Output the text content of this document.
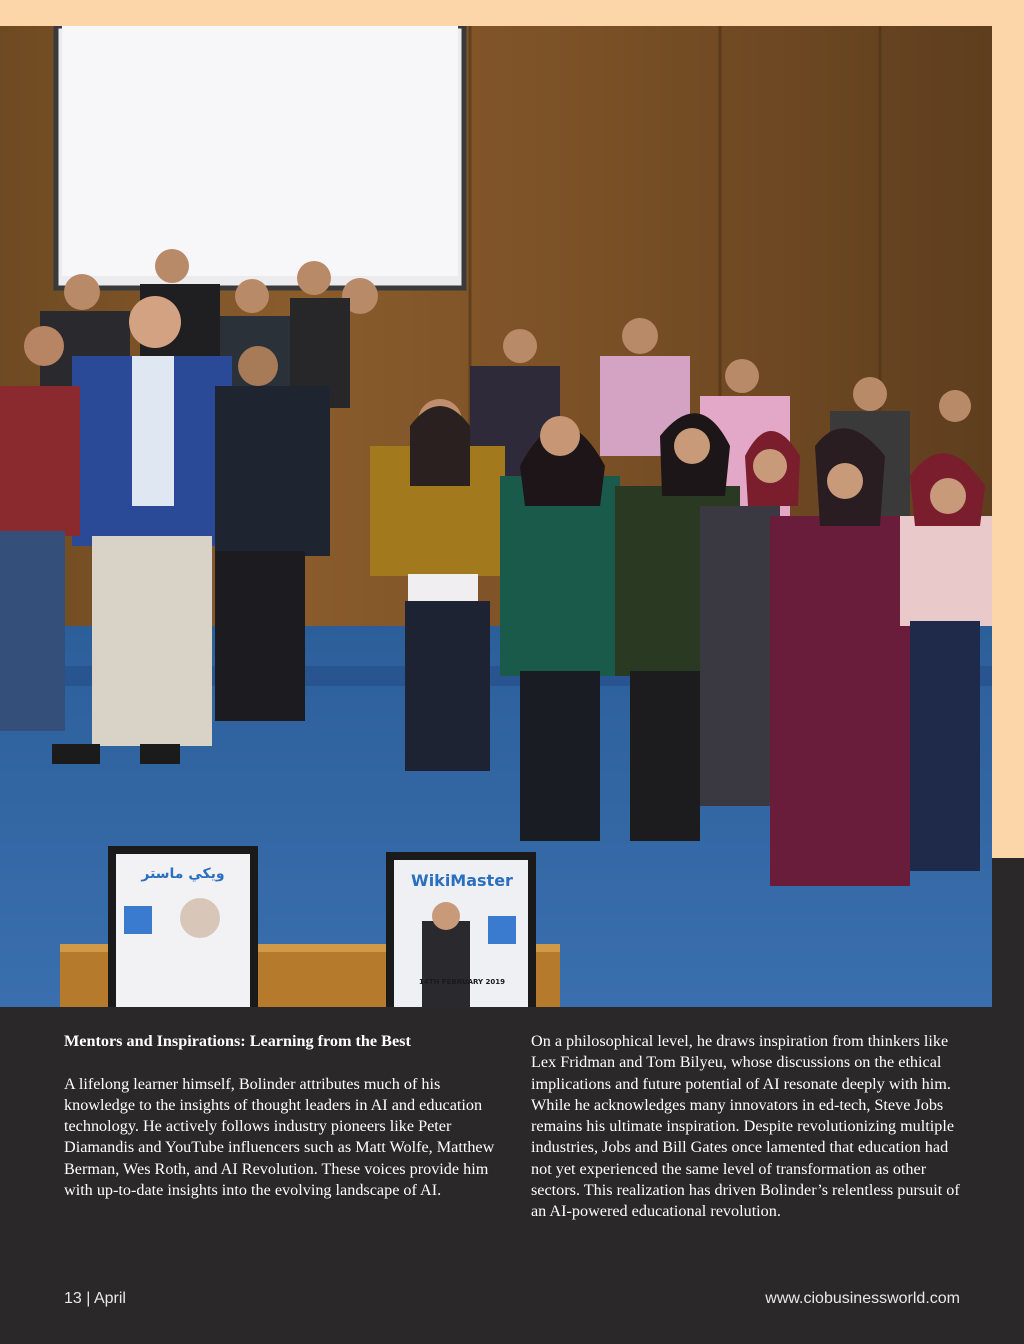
ويكي ماستر	WikiMaster
14TH FEBRUARY 2019

Mentors and Inspirations: Learning from the Best

A lifelong learner himself, Bolinder attributes much of his knowledge to the insights of thought leaders in AI and education technology. He actively follows industry pioneers like Peter Diamandis and YouTube influencers such as Matt Wolfe, Matthew Berman, Wes Roth, and AI Revolution. These voices provide him with up-to-date insights into the evolving landscape of AI.

On a philosophical level, he draws inspiration from thinkers like Lex Fridman and Tom Bilyeu, whose discussions on the ethical implications and future potential of AI resonate deeply with him. While he acknowledges many innovators in ed-tech, Steve Jobs remains his ultimate inspiration. Despite revolutionizing multiple industries, Jobs and Bill Gates once lamented that education had not yet experienced the same level of transformation as other sectors. This realization has driven Bolinder’s relentless pursuit of an AI-powered educational revolution.

13 | April	www.ciobusinessworld.com
